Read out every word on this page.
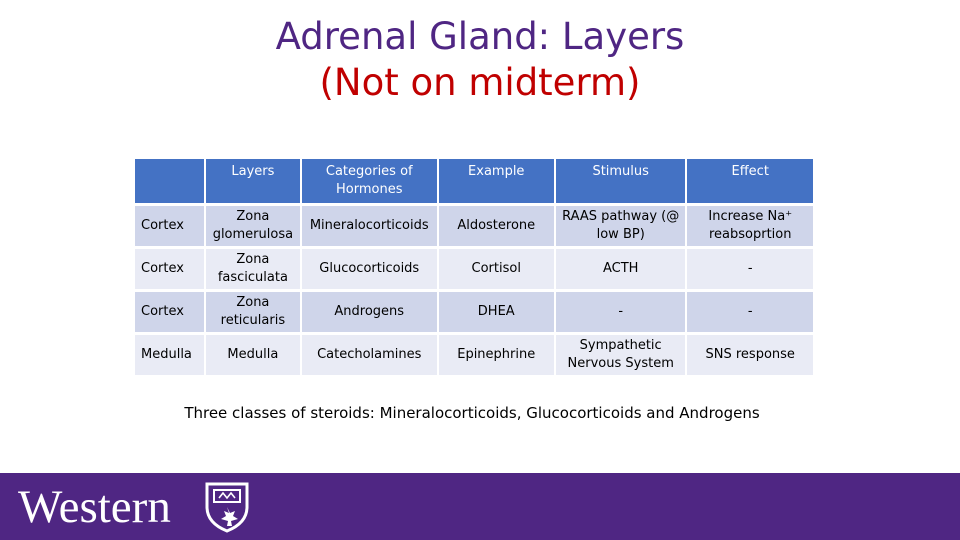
Adrenal Gland: Layers
(Not on midterm)
	Layers	Categories of Hormones	Example	Stimulus	Effect
Cortex	Zona glomerulosa	Mineralocorticoids	Aldosterone	RAAS pathway (@ low BP)	Increase Na⁺ reabsoprtion
Cortex	Zona fasciculata	Glucocorticoids	Cortisol	ACTH	-
Cortex	Zona reticularis	Androgens	DHEA	-	-
Medulla	Medulla	Catecholamines	Epinephrine	Sympathetic Nervous System	SNS response
Three classes of steroids: Mineralocorticoids, Glucocorticoids and Androgens
Western
